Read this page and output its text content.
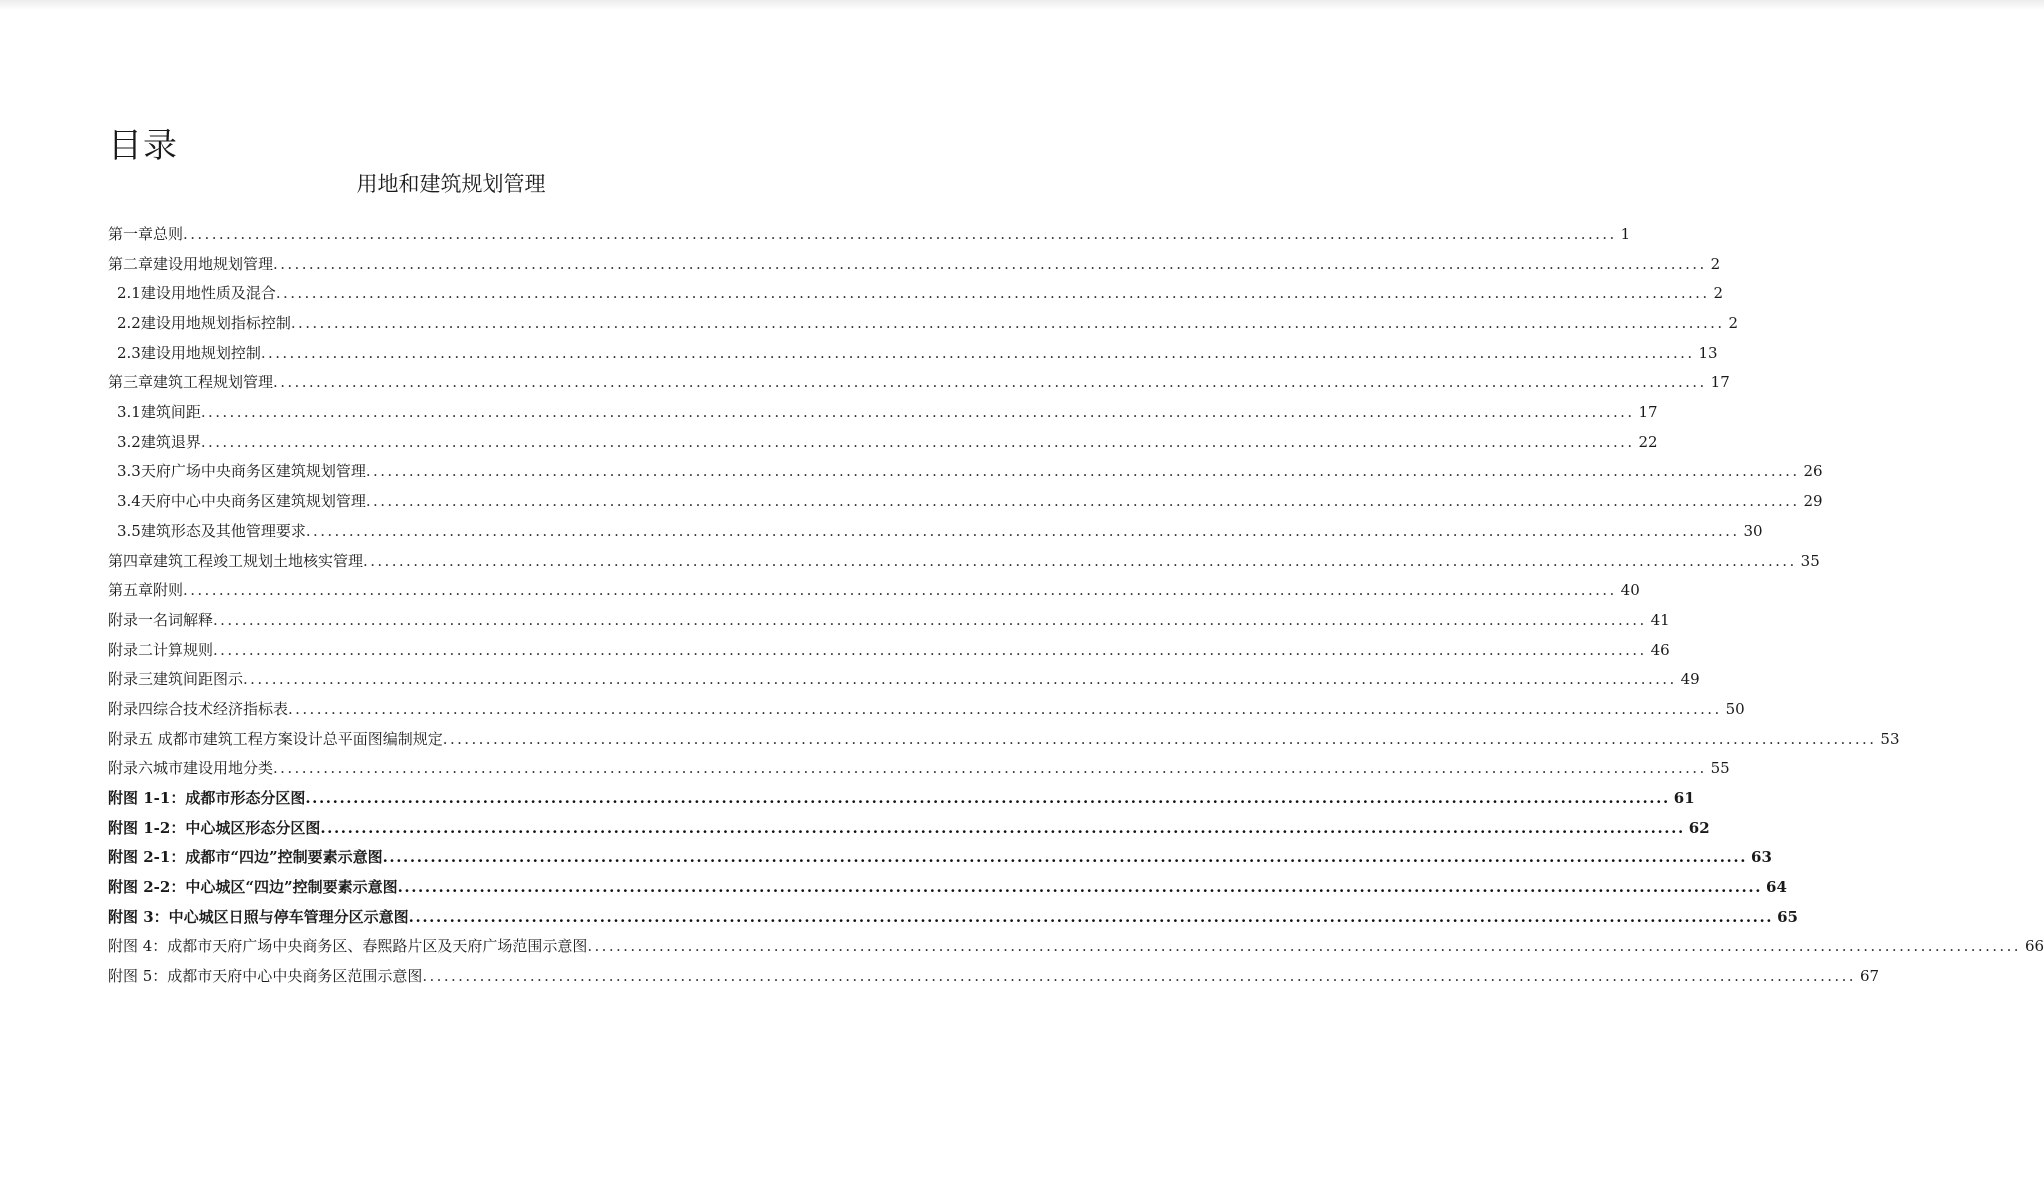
目录
用地和建筑规划管理
第一章 总则 ........................................................................................................................................................................................................ 1
第二章 建设用地规划管理 ........................................................................................................................................................................................................ 2
2.1 建设用地性质及混合 ........................................................................................................................................................................................................ 2
2.2 建设用地规划指标控制 ........................................................................................................................................................................................................ 2
2.3 建设用地规划控制 ........................................................................................................................................................................................................ 13
第三章 建筑工程规划管理 ........................................................................................................................................................................................................ 17
3.1 建筑间距 ........................................................................................................................................................................................................ 17
3.2 建筑退界 ........................................................................................................................................................................................................ 22
3.3 天府广场中央商务区建筑规划管理 ........................................................................................................................................................................................................ 26
3.4 天府中心中央商务区建筑规划管理 ........................................................................................................................................................................................................ 29
3.5 建筑形态及其他管理要求 ........................................................................................................................................................................................................ 30
第四章 建筑工程竣工规划土地核实管理 ........................................................................................................................................................................................................ 35
第五章 附则 ........................................................................................................................................................................................................ 40
附录一名词解释 ........................................................................................................................................................................................................ 41
附录二计算规则 ........................................................................................................................................................................................................ 46
附录三建筑间距图示 ........................................................................................................................................................................................................ 49
附录四综合技术经济指标表 ........................................................................................................................................................................................................ 50
附录五 成都市建筑工程方案设计总平面图编制规定 ........................................................................................................................................................................................................ 53
附录六城市建设用地分类 ........................................................................................................................................................................................................ 55
附图 1-1：成都市形态分区图 ........................................................................................................................................................................................................ 61
附图 1-2：中心城区形态分区图 ........................................................................................................................................................................................................ 62
附图 2-1：成都市“四边”控制要素示意图 ........................................................................................................................................................................................................ 63
附图 2-2：中心城区“四边”控制要素示意图 ........................................................................................................................................................................................................ 64
附图 3：中心城区日照与停车管理分区示意图 ........................................................................................................................................................................................................ 65
附图 4：成都市天府广场中央商务区、春熙路片区及天府广场范围示意图 ........................................................................................................................................................................................................ 66
附图 5：成都市天府中心中央商务区范围示意图 ........................................................................................................................................................................................................ 67
